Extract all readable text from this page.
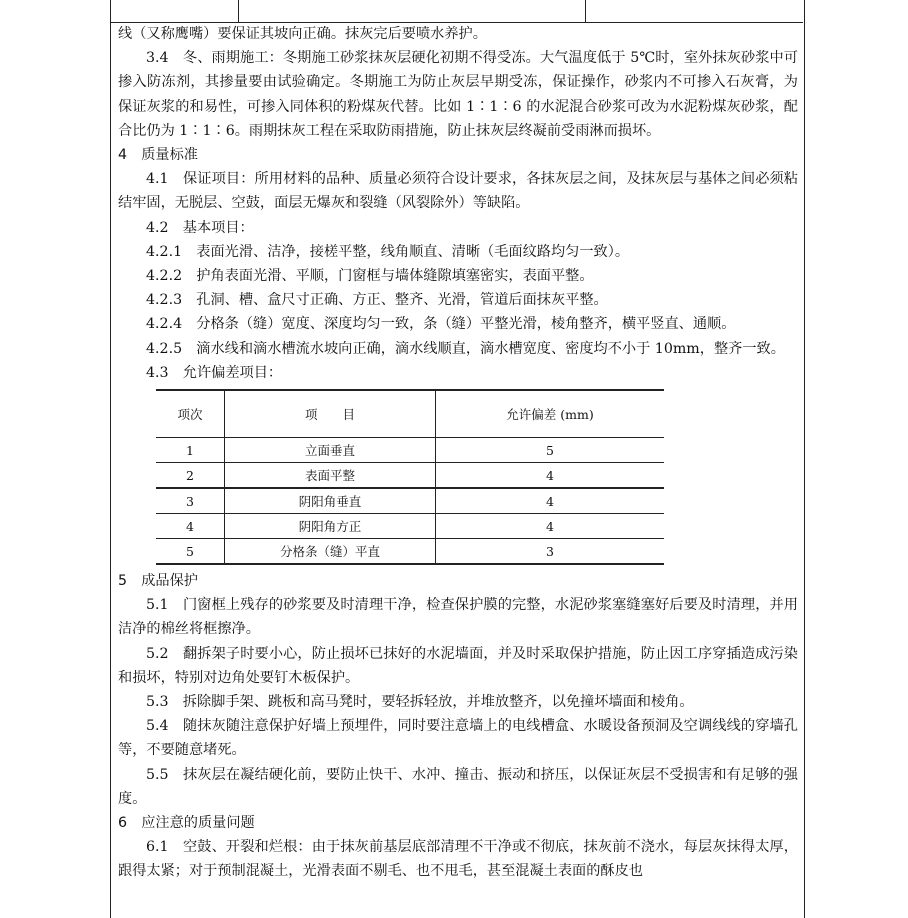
线（又称鹰嘴）要保证其坡向正确。抹灰完后要喷水养护。

3.4　冬、雨期施工：冬期施工砂浆抹灰层硬化初期不得受冻。大气温度低于 5℃时，室外抹灰砂浆中可掺入防冻剂，其掺量要由试验确定。冬期施工为防止灰层早期受冻，保证操作，砂浆内不可掺入石灰膏，为保证灰浆的和易性，可掺入同体积的粉煤灰代替。比如 1∶1∶6 的水泥混合砂浆可改为水泥粉煤灰砂浆，配合比仍为 1∶1∶6。雨期抹灰工程在采取防雨措施，防止抹灰层终凝前受雨淋而损坏。

4　质量标准

4.1　保证项目：所用材料的品种、质量必须符合设计要求，各抹灰层之间，及抹灰层与基体之间必须粘结牢固，无脱层、空鼓，面层无爆灰和裂缝（风裂除外）等缺陷。

4.2　基本项目：

4.2.1　表面光滑、洁净，接槎平整，线角顺直、清晰（毛面纹路均匀一致）。

4.2.2　护角表面光滑、平顺，门窗框与墙体缝隙填塞密实，表面平整。

4.2.3　孔洞、槽、盒尺寸正确、方正、整齐、光滑，管道后面抹灰平整。

4.2.4　分格条（缝）宽度、深度均匀一致，条（缝）平整光滑，棱角整齐，横平竖直、通顺。

4.2.5　滴水线和滴水槽流水坡向正确，滴水线顺直，滴水槽宽度、密度均不小于 10mm，整齐一致。

4.3　允许偏差项目：

项次	项　　目	允许偏差 (mm)
1	立面垂直	5
2	表面平整	4
3	阴阳角垂直	4
4	阴阳角方正	4
5	分格条（缝）平直	3

5　成品保护

5.1　门窗框上残存的砂浆要及时清理干净，检查保护膜的完整，水泥砂浆塞缝塞好后要及时清理，并用洁净的棉丝将框擦净。

5.2　翻拆架子时要小心，防止损坏已抹好的水泥墙面，并及时采取保护措施，防止因工序穿插造成污染和损坏，特别对边角处要钉木板保护。

5.3　拆除脚手架、跳板和高马凳时，要轻拆轻放，并堆放整齐，以免撞坏墙面和棱角。

5.4　随抹灰随注意保护好墙上预埋件，同时要注意墙上的电线槽盒、水暖设备预洞及空调线线的穿墙孔等，不要随意堵死。

5.5　抹灰层在凝结硬化前，要防止快干、水冲、撞击、振动和挤压，以保证灰层不受损害和有足够的强度。

6　应注意的质量问题

6.1　空鼓、开裂和烂根：由于抹灰前基层底部清理不干净或不彻底，抹灰前不浇水，每层灰抹得太厚，跟得太紧；对于预制混凝土，光滑表面不剔毛、也不甩毛，甚至混凝土表面的酥皮也
